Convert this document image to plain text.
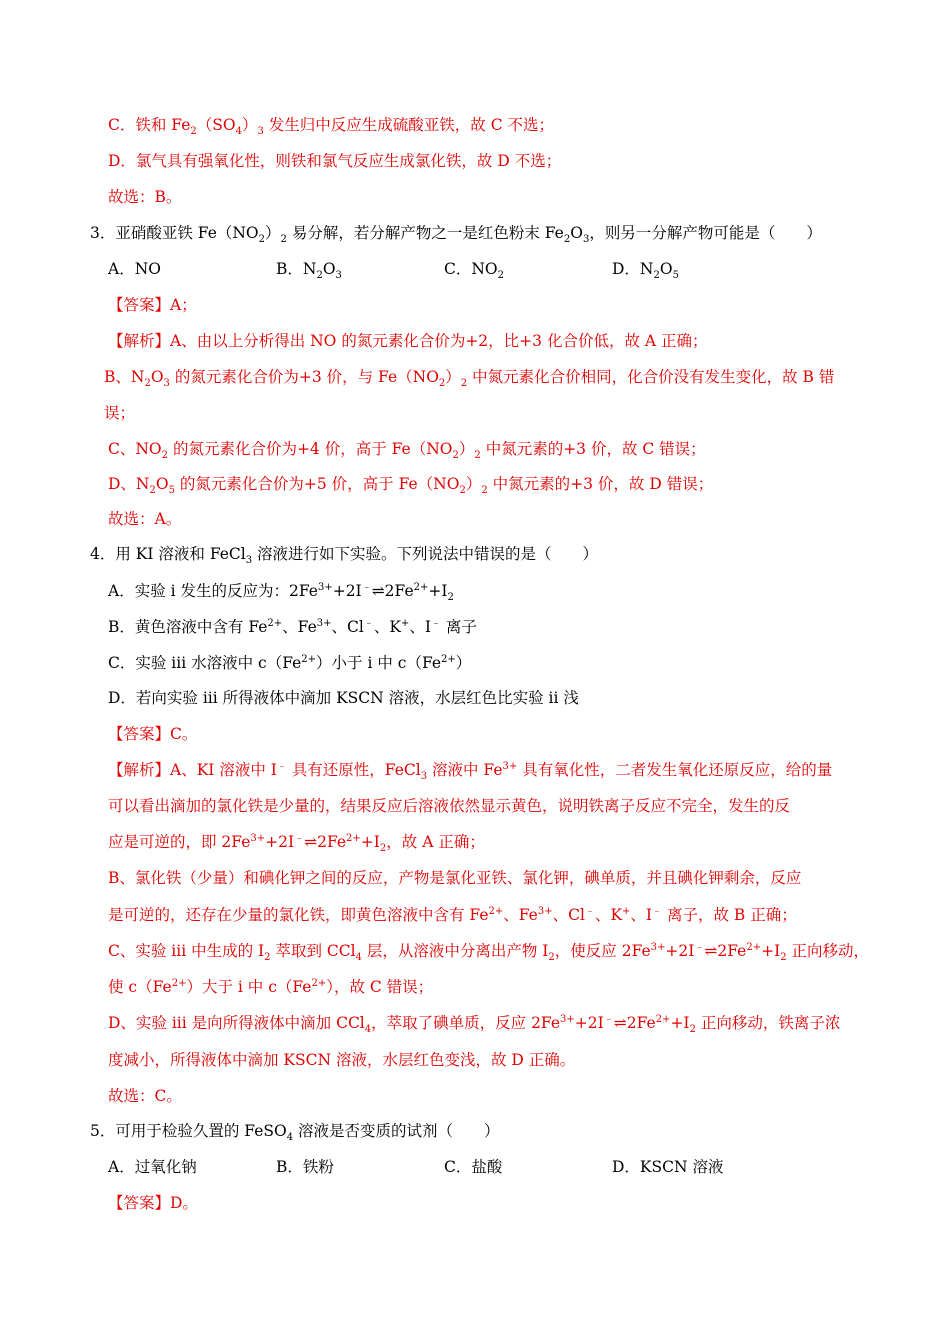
C．铁和 $Fe_2(SO_4)_3$ 发生归中反应生成硫酸亚铁，故 C 不选；
D．氯气具有强氧化性，则铁和氯气反应生成氯化铁，故 D 不选；
故选：B。
3．亚硝酸亚铁 $Fe(NO_2)_2$ 易分解，若分解产物之一是红色粉末 $Fe_2O_3$，则另一分解产物可能是（　　）
A．NO	B．$N_2O_3$	C．$NO_2$	D．$N_2O_5$
【答案】A；
【解析】A、由以上分析得出 NO 的氮元素化合价为+2，比+3 化合价低，故 A 正确；
B、$N_2O_3$ 的氮元素化合价为+3 价，与 $Fe(NO_2)_2$ 中氮元素化合价相同，化合价没有发生变化，故 B 错
误；
C、$NO_2$ 的氮元素化合价为+4 价，高于 $Fe(NO_2)_2$ 中氮元素的+3 价，故 C 错误；
D、$N_2O_5$ 的氮元素化合价为+5 价，高于 $Fe(NO_2)_2$ 中氮元素的+3 价，故 D 错误；
故选：A。
4．用 KI 溶液和 FeCl$_3$ 溶液进行如下实验。下列说法中错误的是（　　）
A．实验 i 发生的反应为：$2Fe^{3+}+2I^﹣\rightleftharpoons 2Fe^{2+}+I_2$
B．黄色溶液中含有 $Fe^{2+}$、$Fe^{3+}$、Cl﹣、K+、I﹣ 离子
C．实验 iii 水溶液中 $c(Fe^{2+})$小于 i 中 $c(Fe^{2+})$
D．若向实验 iii 所得液体中滴加 KSCN 溶液，水层红色比实验 ii 浅
【答案】C。
【解析】A、KI 溶液中 I﹣ 具有还原性，FeCl$_3$ 溶液中 $Fe^{3+}$ 具有氧化性，二者发生氧化还原反应，给的量
可以看出滴加的氯化铁是少量的，结果反应后溶液依然显示黄色，说明铁离子反应不完全，发生的反
应是可逆的，即 $2Fe^{3+}+2I^﹣\rightleftharpoons 2Fe^{2+}+I_2$，故 A 正确；
B、氯化铁（少量）和碘化钾之间的反应，产物是氯化亚铁、氯化钾，碘单质，并且碘化钾剩余，反应
是可逆的，还存在少量的氯化铁，即黄色溶液中含有 $Fe^{2+}$、$Fe^{3+}$、Cl﹣、K+、I﹣ 离子，故 B 正确；
C、实验 iii 中生成的 $I_2$ 萃取到 CCl$_4$ 层，从溶液中分离出产物 $I_2$，使反应 $2Fe^{3+}+2I^﹣\rightleftharpoons 2Fe^{2+}+I_2$ 正向移动，
使 $c(Fe^{2+})$大于 i 中 $c(Fe^{2+})$，故 C 错误；
D、实验 iii 是向所得液体中滴加 CCl$_4$，萃取了碘单质，反应 $2Fe^{3+}+2I^﹣\rightleftharpoons 2Fe^{2+}+I_2$ 正向移动，铁离子浓
度减小，所得液体中滴加 KSCN 溶液，水层红色变浅，故 D 正确。
故选：C。
5．可用于检验久置的 FeSO$_4$ 溶液是否变质的试剂（　　）
A．过氧化钠	B．铁粉	C．盐酸	D．KSCN 溶液
【答案】D。
